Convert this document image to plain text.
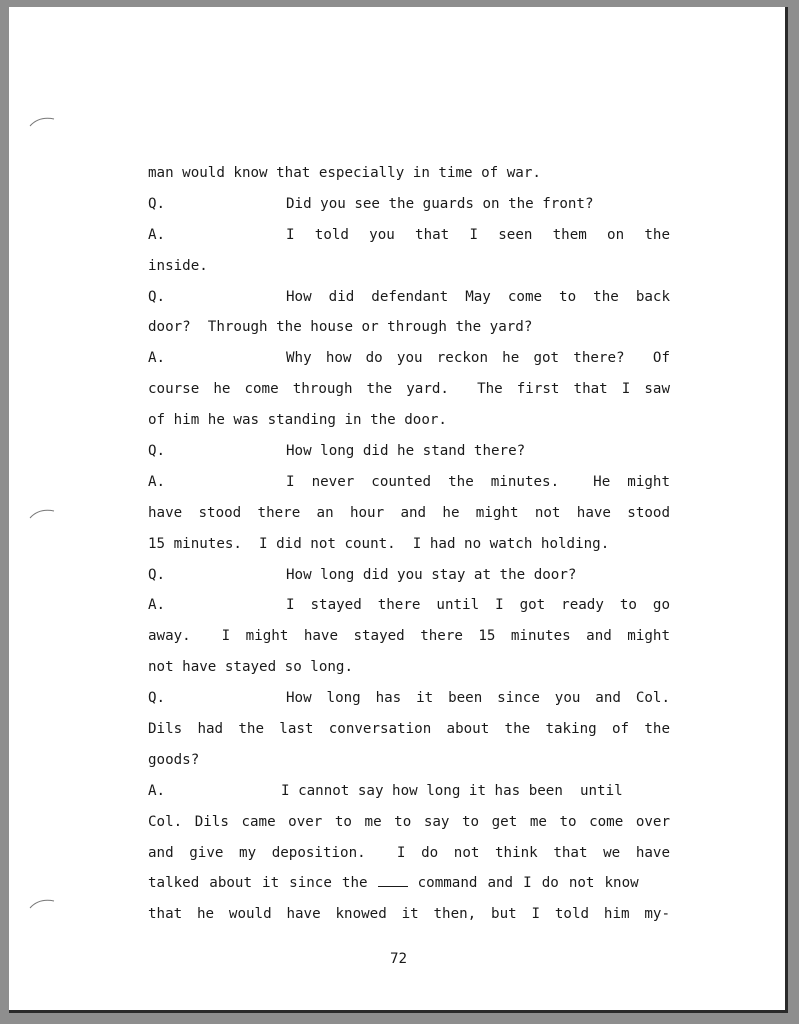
man would know that especially in time of war.
Q.	Did you see the guards on the front?
A.	I told you that I seen them on the
inside.
Q.	How did defendant May come to the back
door?  Through the house or through the yard?
A.	Why how do you reckon he got there?  Of
course he come through the yard.  The first that I saw
of him he was standing in the door.
Q.	How long did he stand there?
A.	I never counted the minutes.  He might
have stood there an hour and he might not have stood
15 minutes.  I did not count.  I had no watch holding.
Q.	How long did you stay at the door?
A.	I stayed there until I got ready to go
away.  I might have stayed there 15 minutes and might
not have stayed so long.
Q.	How long has it been since you and Col.
Dils had the last conversation about the taking of the
goods?
A.	I cannot say how long it has been  until
Col. Dils came over to me to say to get me to come over
and give my deposition.  I do not think that we have
talked about it since the	command and I do not know
that he would have knowed it then, but I told him my-
72
